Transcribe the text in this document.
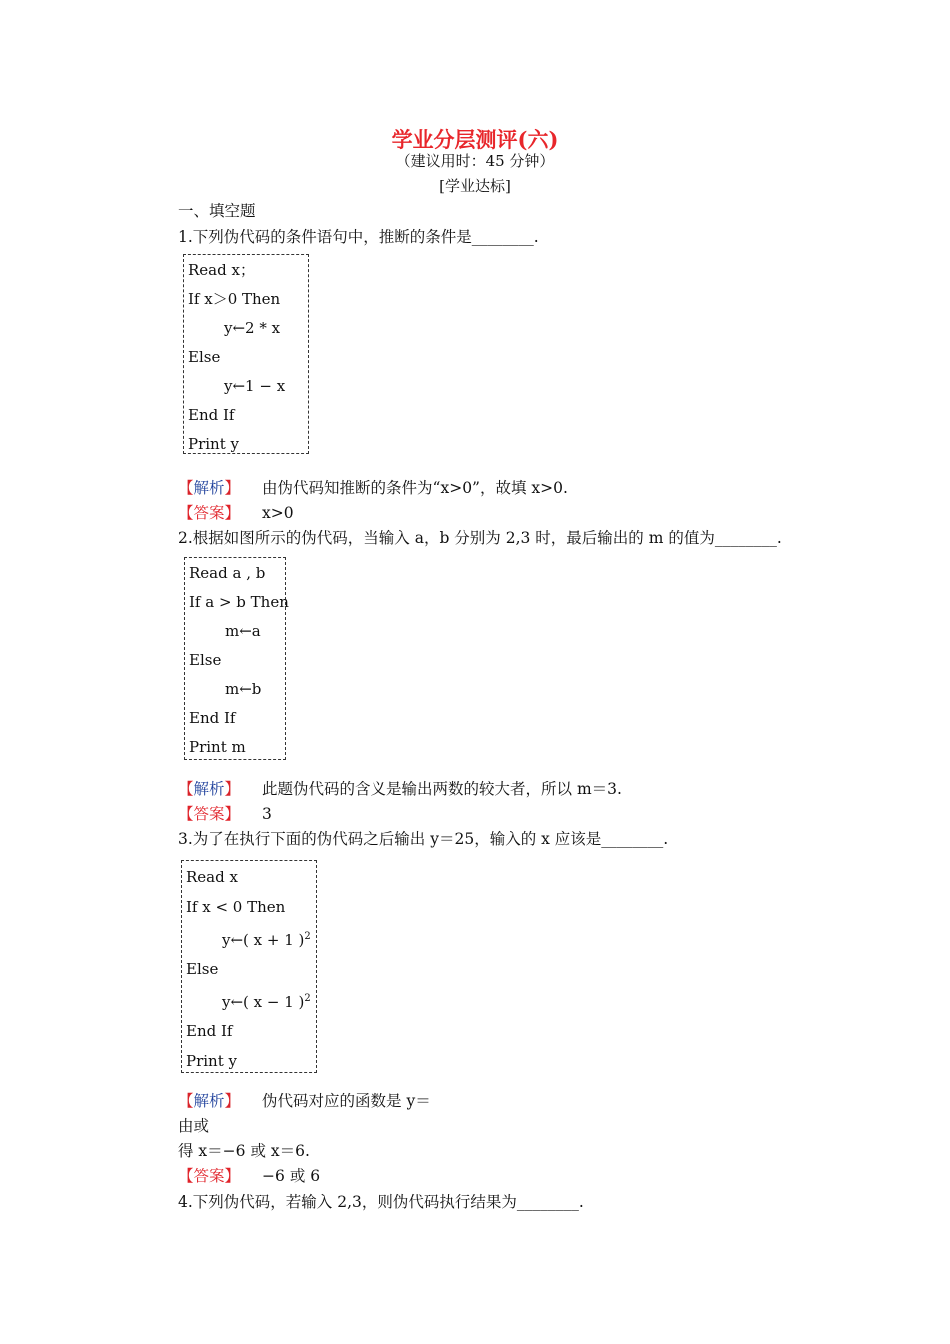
学业分层测评(六)
（建议用时：45 分钟）
[学业达标]
一、填空题
1.下列伪代码的条件语句中，推断的条件是________.
Read x；
If x＞0 Then
y←2 * x
Else
y←1 − x
End If
Print y
【解析】 由伪代码知推断的条件为“x>0”，故填 x>0.
【答案】 x>0
2.根据如图所示的伪代码，当输入 a，b 分别为 2,3 时，最后输出的 m 的值为________.
Read a , b
If a > b Then
m←a
Else
m←b
End If
Print m
【解析】 此题伪代码的含义是输出两数的较大者，所以 m＝3.
【答案】 3
3.为了在执行下面的伪代码之后输出 y＝25，输入的 x 应该是________.
Read x
If x < 0 Then
y←( x + 1 )$^2$
Else
y←( x − 1 )$^2$
End If
Print y
【解析】 伪代码对应的函数是 y＝
由或
得 x＝−6 或 x＝6.
【答案】 −6 或 6
4.下列伪代码，若输入 2,3，则伪代码执行结果为________.
